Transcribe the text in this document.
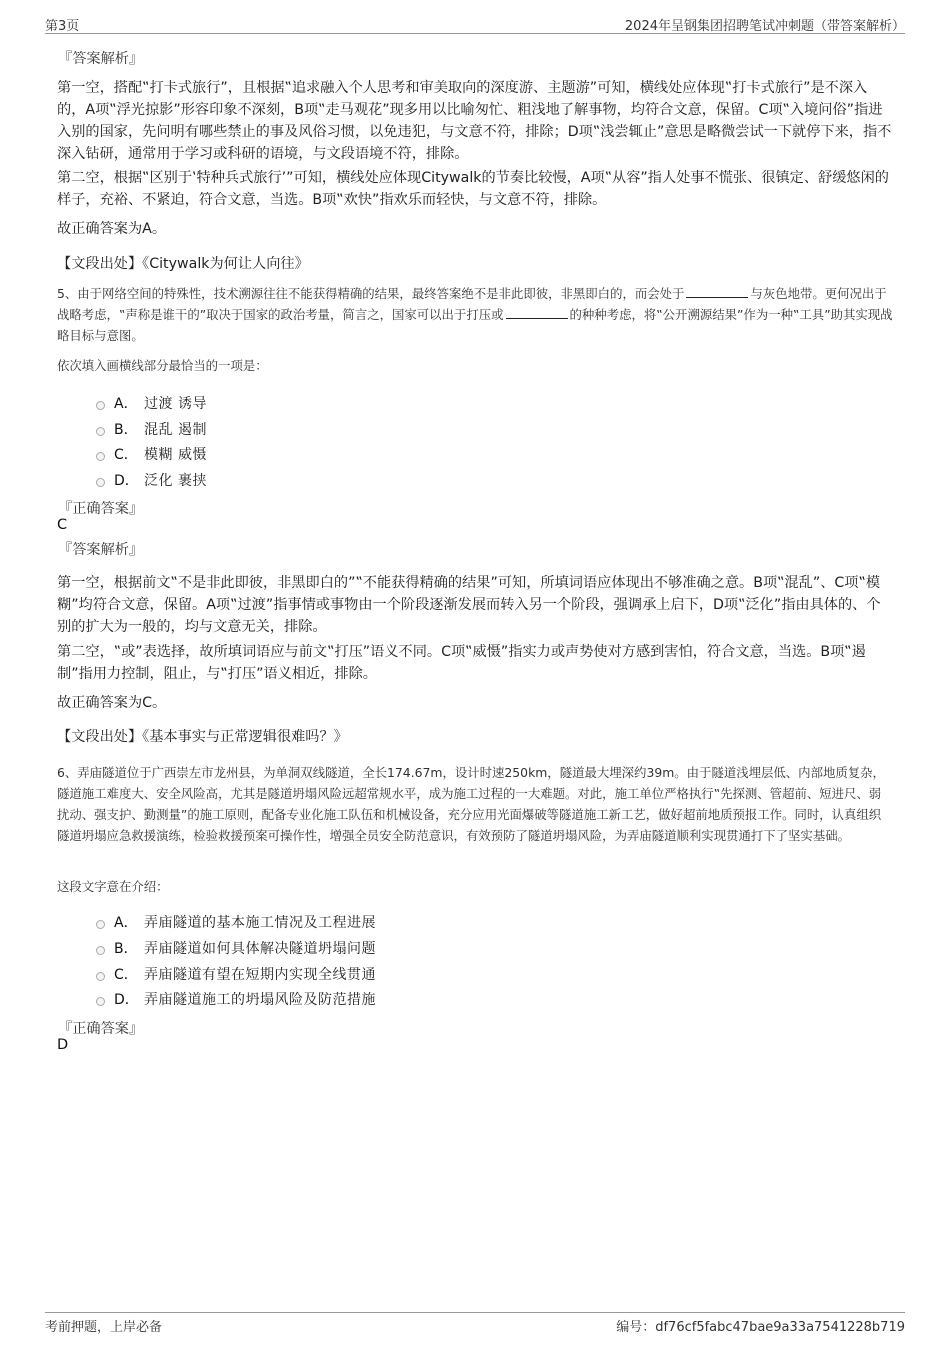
第3页	2024年呈钢集团招聘笔试冲刺题（带答案解析）
『答案解析』
第一空，搭配‟打卡式旅行”，且根据‟追求融入个人思考和审美取向的深度游、主题游”可知，横线处应体现‟打卡式旅行”是不深入的，A项‟浮光掠影”形容印象不深刻，B项‟走马观花”现多用以比喻匆忙、粗浅地了解事物，均符合文意，保留。C项‟入境问俗”指进入别的国家，先问明有哪些禁止的事及风俗习惯，以免违犯，与文意不符，排除；D项‟浅尝辄止”意思是略微尝试一下就停下来，指不深入钻研，通常用于学习或科研的语境，与文段语境不符，排除。
第二空，根据‟区别于‛特种兵式旅行’”可知，横线处应体现Citywalk的节奏比较慢，A项‟从容”指人处事不慌张、很镇定、舒缓悠闲的样子，充裕、不紧迫，符合文意，当选。B项‟欢快”指欢乐而轻快，与文意不符，排除。
故正确答案为A。
【文段出处】《Citywalk为何让人向往》
5、由于网络空间的特殊性，技术溯源往往不能获得精确的结果，最终答案绝不是非此即彼，非黑即白的，而会处于	与灰色地带。更何况出于战略考虑，‟声称是谁干的”取决于国家的政治考量，简言之，国家可以出于打压或	的种种考虑，将‟公开溯源结果”作为一种‟工具”助其实现战略目标与意图。
依次填入画横线部分最恰当的一项是：
A． 过渡 诱导
B． 混乱 遏制
C． 模糊 威慑
D． 泛化 裹挟
『正确答案』
C
『答案解析』
第一空，根据前文‟不是非此即彼，非黑即白的”‟不能获得精确的结果”可知，所填词语应体现出不够准确之意。B项‟混乱”、C项‟模糊”均符合文意，保留。A项‟过渡”指事情或事物由一个阶段逐渐发展而转入另一个阶段，强调承上启下，D项‟泛化”指由具体的、个别的扩大为一般的，均与文意无关，排除。
第二空，‟或”表选择，故所填词语应与前文‟打压”语义不同。C项‟威慑”指实力或声势使对方感到害怕，符合文意，当选。B项‟遏制”指用力控制，阻止，与‟打压”语义相近，排除。
故正确答案为C。
【文段出处】《基本事实与正常逻辑很难吗？》
6、弄庙隧道位于广西崇左市龙州县，为单洞双线隧道，全长174.67m，设计时速250km，隧道最大埋深约39m。由于隧道浅埋层低、内部地质复杂，隧道施工难度大、安全风险高，尤其是隧道坍塌风险远超常规水平，成为施工过程的一大难题。对此，施工单位严格执行‟先探测、管超前、短进尺、弱扰动、强支护、勤测量”的施工原则，配备专业化施工队伍和机械设备，充分应用光面爆破等隧道施工新工艺，做好超前地质预报工作。同时，认真组织隧道坍塌应急救援演练，检验救援预案可操作性，增强全员安全防范意识，有效预防了隧道坍塌风险，为弄庙隧道顺利实现贯通打下了坚实基础。
这段文字意在介绍：
A． 弄庙隧道的基本施工情况及工程进展
B． 弄庙隧道如何具体解决隧道坍塌问题
C． 弄庙隧道有望在短期内实现全线贯通
D． 弄庙隧道施工的坍塌风险及防范措施
『正确答案』
D
考前押题，上岸必备	编号：df76cf5fabc47bae9a33a7541228b719
